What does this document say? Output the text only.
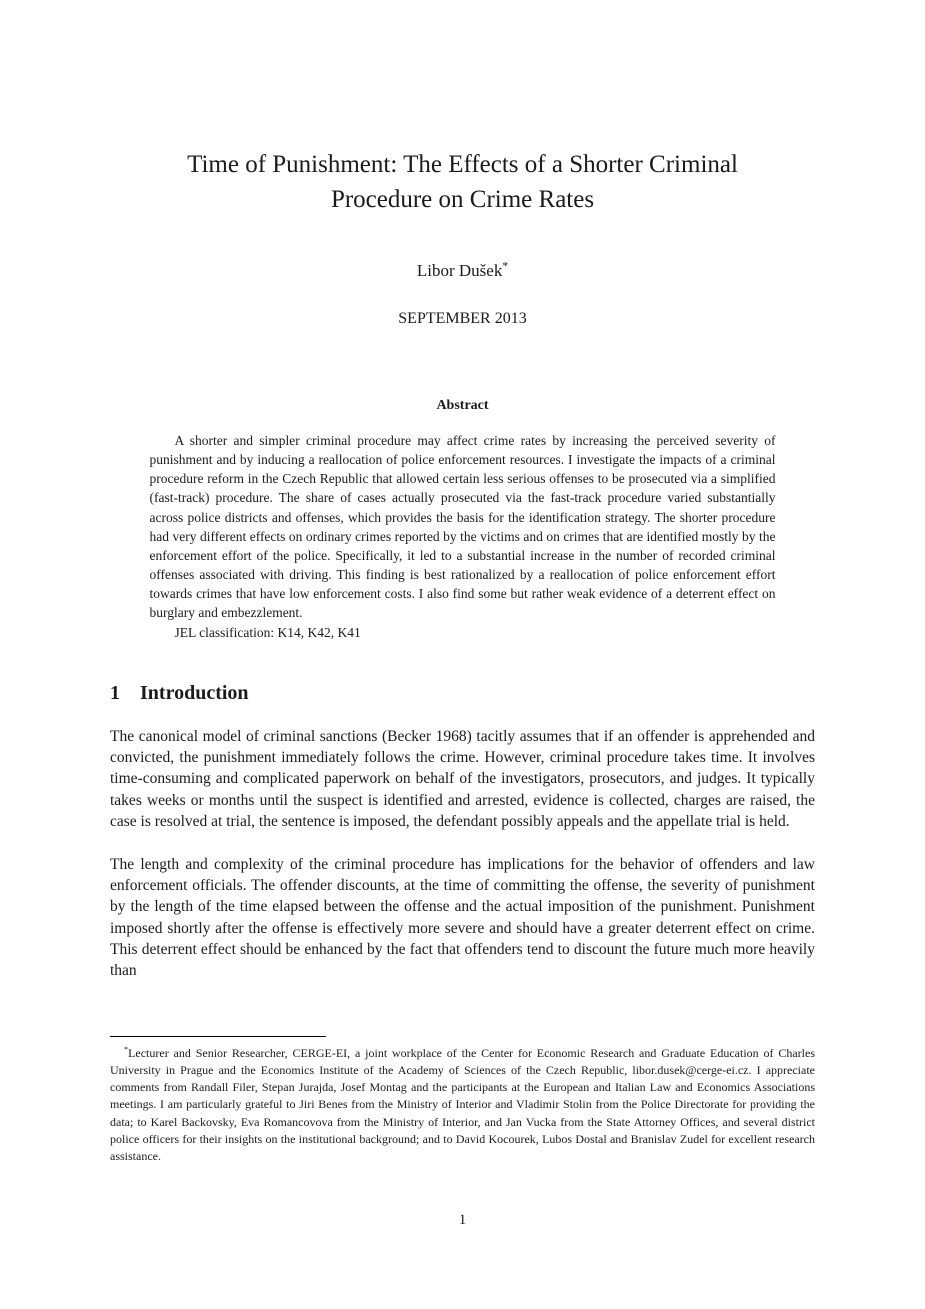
Time of Punishment: The Effects of a Shorter Criminal Procedure on Crime Rates
Libor Dušek*
SEPTEMBER 2013
Abstract

A shorter and simpler criminal procedure may affect crime rates by increasing the perceived severity of punishment and by inducing a reallocation of police enforcement resources. I investigate the impacts of a criminal procedure reform in the Czech Republic that allowed certain less serious offenses to be prosecuted via a simplified (fast-track) procedure. The share of cases actually prosecuted via the fast-track procedure varied substantially across police districts and offenses, which provides the basis for the identification strategy. The shorter procedure had very different effects on ordinary crimes reported by the victims and on crimes that are identified mostly by the enforcement effort of the police. Specifically, it led to a substantial increase in the number of recorded criminal offenses associated with driving. This finding is best rationalized by a reallocation of police enforcement effort towards crimes that have low enforcement costs. I also find some but rather weak evidence of a deterrent effect on burglary and embezzlement.

JEL classification: K14, K42, K41

1 Introduction

The canonical model of criminal sanctions (Becker 1968) tacitly assumes that if an offender is apprehended and convicted, the punishment immediately follows the crime. However, criminal procedure takes time. It involves time-consuming and complicated paperwork on behalf of the investigators, prosecutors, and judges. It typically takes weeks or months until the suspect is identified and arrested, evidence is collected, charges are raised, the case is resolved at trial, the sentence is imposed, the defendant possibly appeals and the appellate trial is held.

The length and complexity of the criminal procedure has implications for the behavior of offenders and law enforcement officials. The offender discounts, at the time of committing the offense, the severity of punishment by the length of the time elapsed between the offense and the actual imposition of the punishment. Punishment imposed shortly after the offense is effectively more severe and should have a greater deterrent effect on crime. This deterrent effect should be enhanced by the fact that offenders tend to discount the future much more heavily than

*Lecturer and Senior Researcher, CERGE-EI, a joint workplace of the Center for Economic Research and Graduate Education of Charles University in Prague and the Economics Institute of the Academy of Sciences of the Czech Republic, libor.dusek@cerge-ei.cz. I appreciate comments from Randall Filer, Stepan Jurajda, Josef Montag and the participants at the European and Italian Law and Economics Associations meetings. I am particularly grateful to Jiri Benes from the Ministry of Interior and Vladimir Stolin from the Police Directorate for providing the data; to Karel Backovsky, Eva Romancovova from the Ministry of Interior, and Jan Vucka from the State Attorney Offices, and several district police officers for their insights on the institutional background; and to David Kocourek, Lubos Dostal and Branislav Zudel for excellent research assistance.

1
